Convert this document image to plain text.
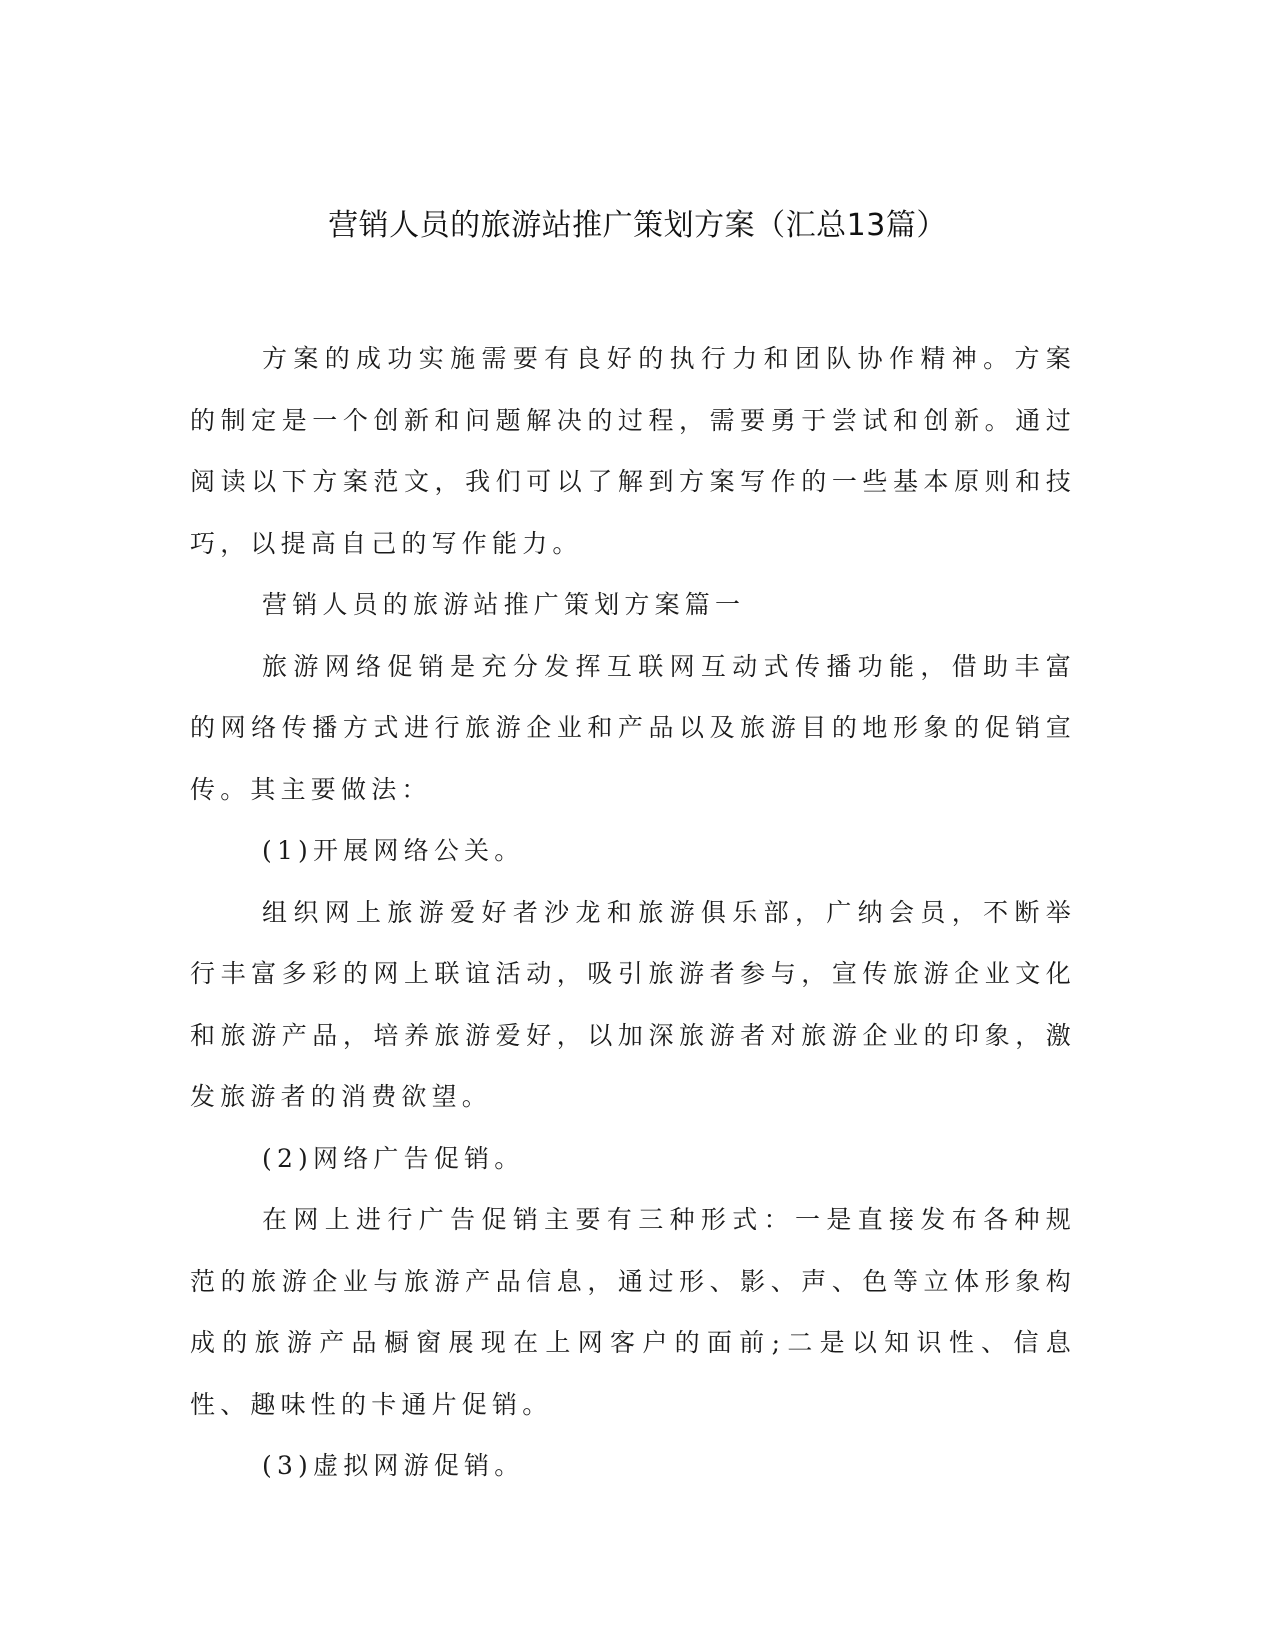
营销人员的旅游站推广策划方案（汇总13篇）

方案的成功实施需要有良好的执行力和团队协作精神。方案的制定是一个创新和问题解决的过程，需要勇于尝试和创新。通过阅读以下方案范文，我们可以了解到方案写作的一些基本原则和技巧，以提高自己的写作能力。

营销人员的旅游站推广策划方案篇一

旅游网络促销是充分发挥互联网互动式传播功能，借助丰富的网络传播方式进行旅游企业和产品以及旅游目的地形象的促销宣传。其主要做法：

(1)开展网络公关。

组织网上旅游爱好者沙龙和旅游俱乐部，广纳会员，不断举行丰富多彩的网上联谊活动，吸引旅游者参与，宣传旅游企业文化和旅游产品，培养旅游爱好，以加深旅游者对旅游企业的印象，激发旅游者的消费欲望。

(2)网络广告促销。

在网上进行广告促销主要有三种形式：一是直接发布各种规范的旅游企业与旅游产品信息，通过形、影、声、色等立体形象构成的旅游产品橱窗展现在上网客户的面前;二是以知识性、信息性、趣味性的卡通片促销。

(3)虚拟网游促销。
